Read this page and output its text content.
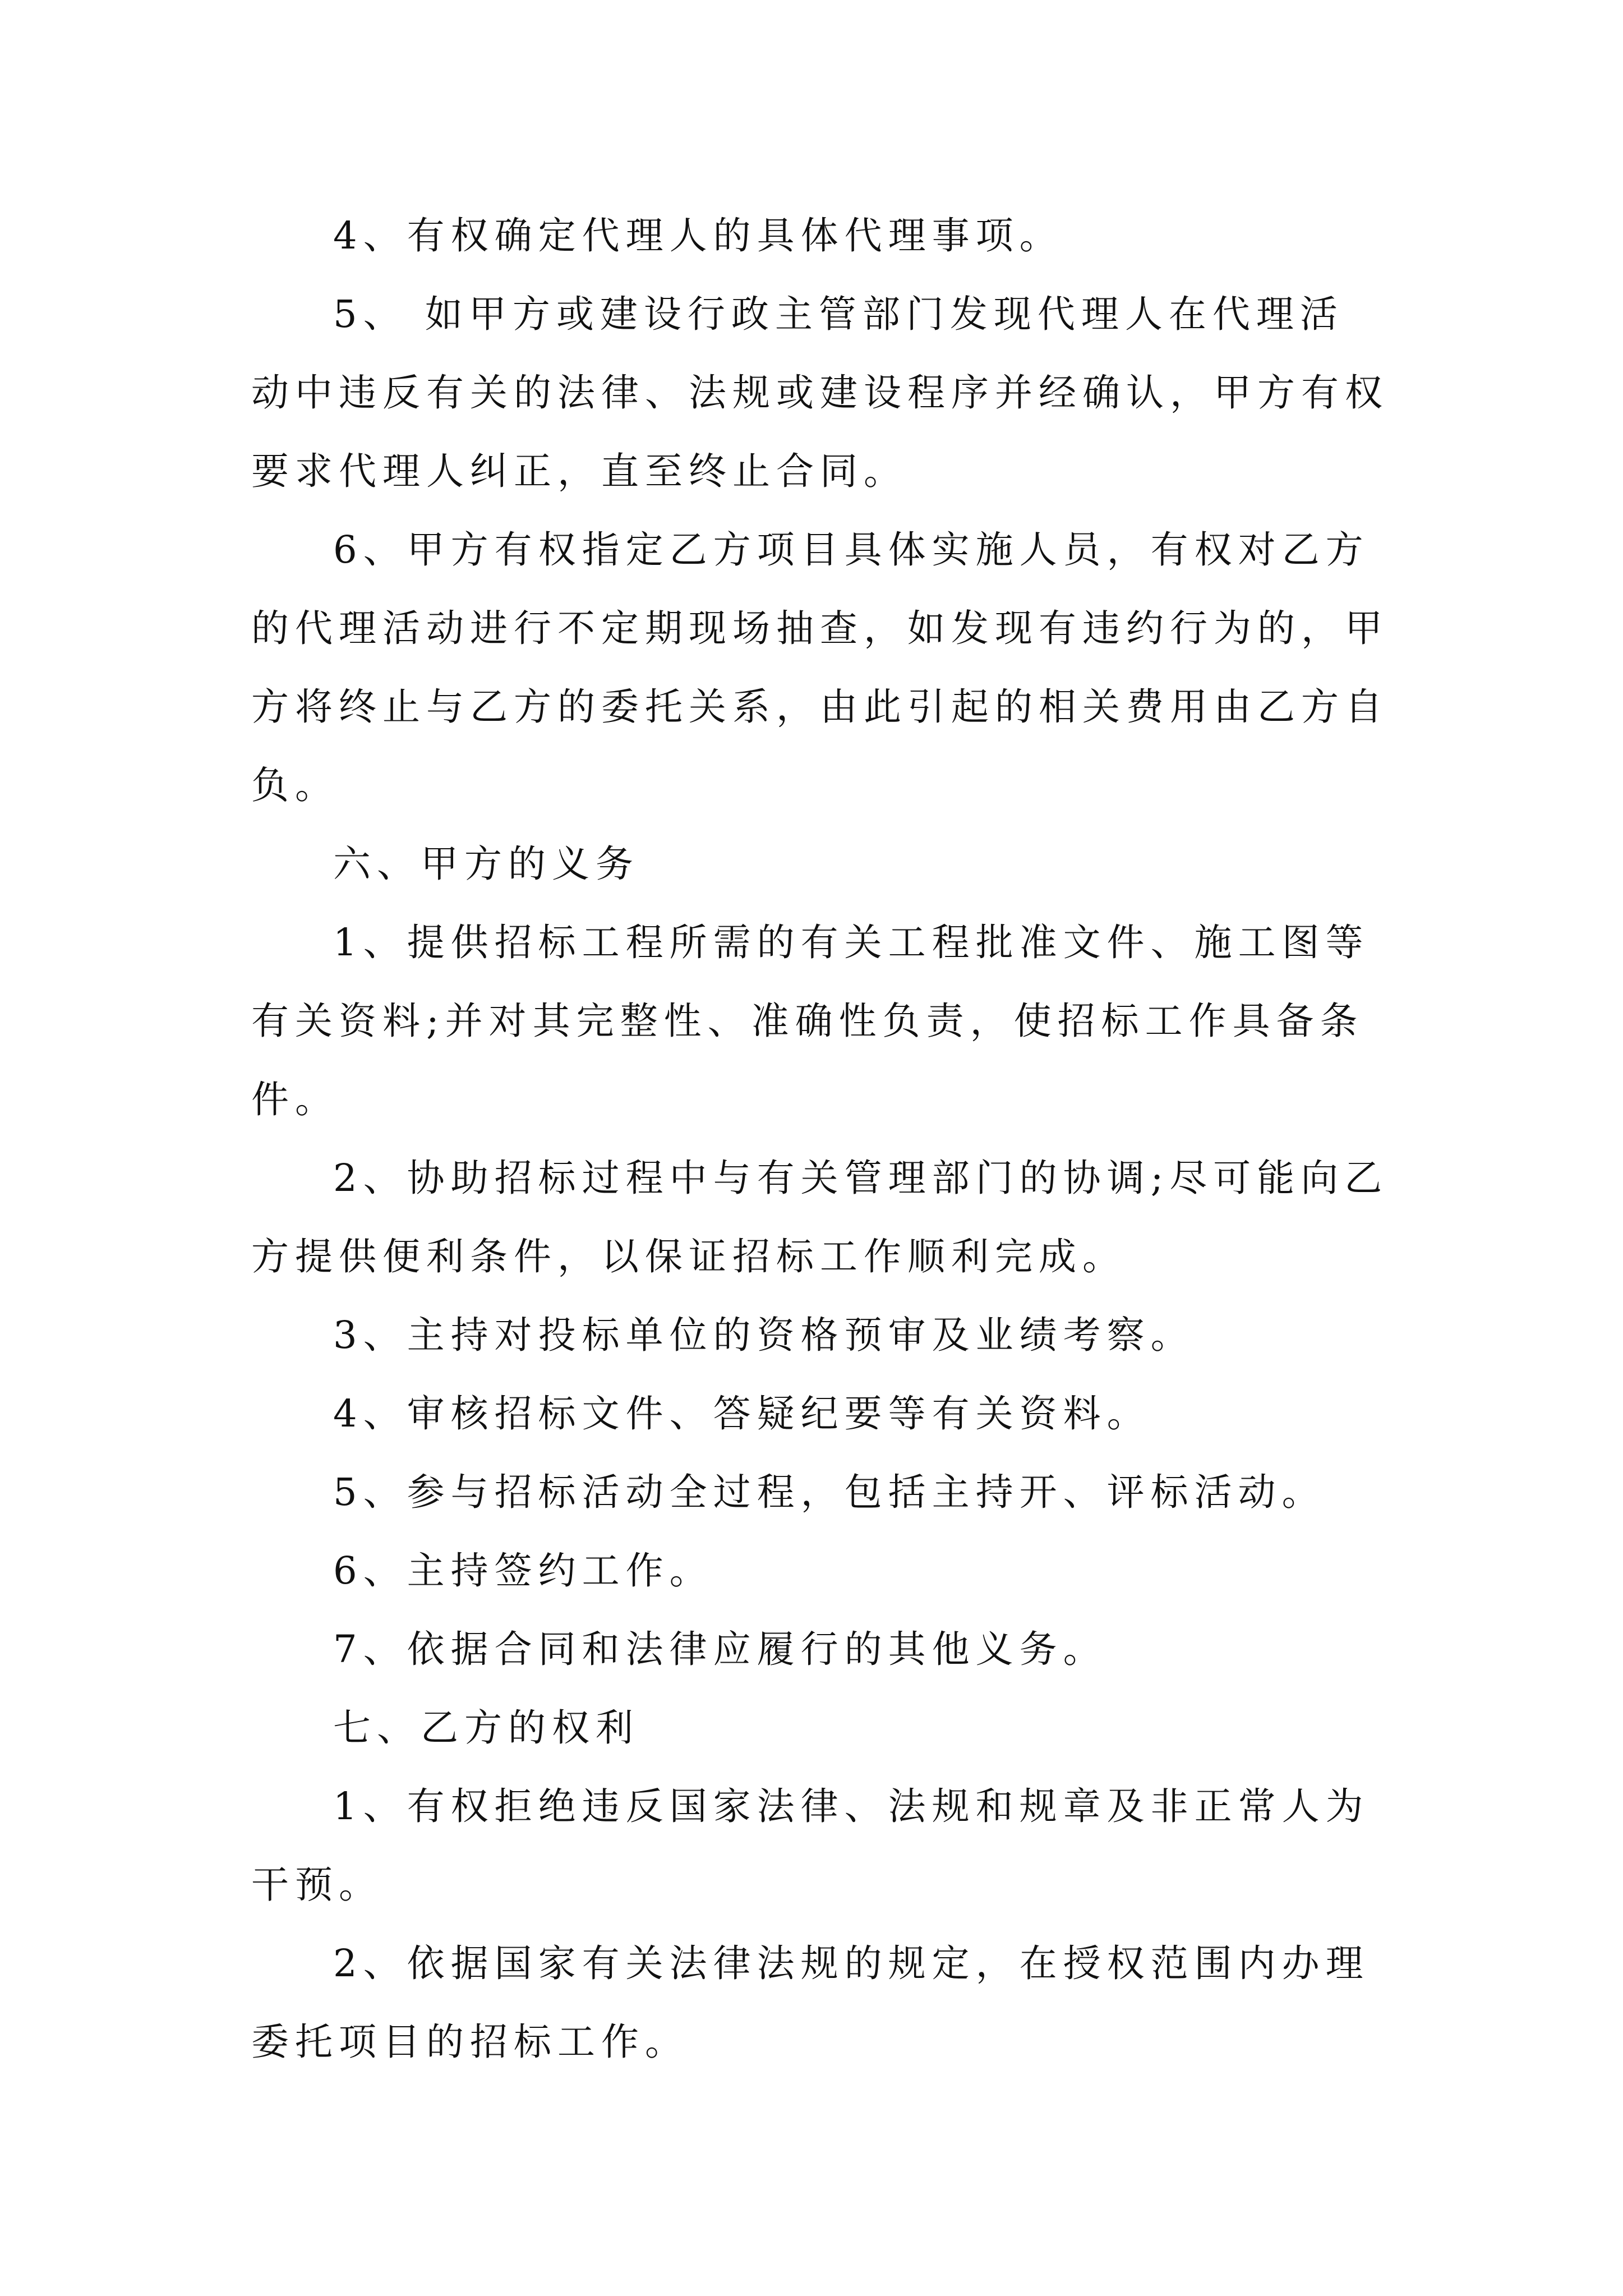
4、有权确定代理人的具体代理事项。

5、 如甲方或建设行政主管部门发现代理人在代理活
动中违反有关的法律、法规或建设程序并经确认，甲方有权
要求代理人纠正，直至终止合同。

6、甲方有权指定乙方项目具体实施人员，有权对乙方
的代理活动进行不定期现场抽查，如发现有违约行为的，甲
方将终止与乙方的委托关系，由此引起的相关费用由乙方自
负。

六、甲方的义务

1、提供招标工程所需的有关工程批准文件、施工图等
有关资料;并对其完整性、准确性负责，使招标工作具备条
件。

2、协助招标过程中与有关管理部门的协调;尽可能向乙
方提供便利条件，以保证招标工作顺利完成。

3、主持对投标单位的资格预审及业绩考察。

4、审核招标文件、答疑纪要等有关资料。

5、参与招标活动全过程，包括主持开、评标活动。

6、主持签约工作。

7、依据合同和法律应履行的其他义务。

七、乙方的权利

1、有权拒绝违反国家法律、法规和规章及非正常人为
干预。

2、依据国家有关法律法规的规定，在授权范围内办理
委托项目的招标工作。
